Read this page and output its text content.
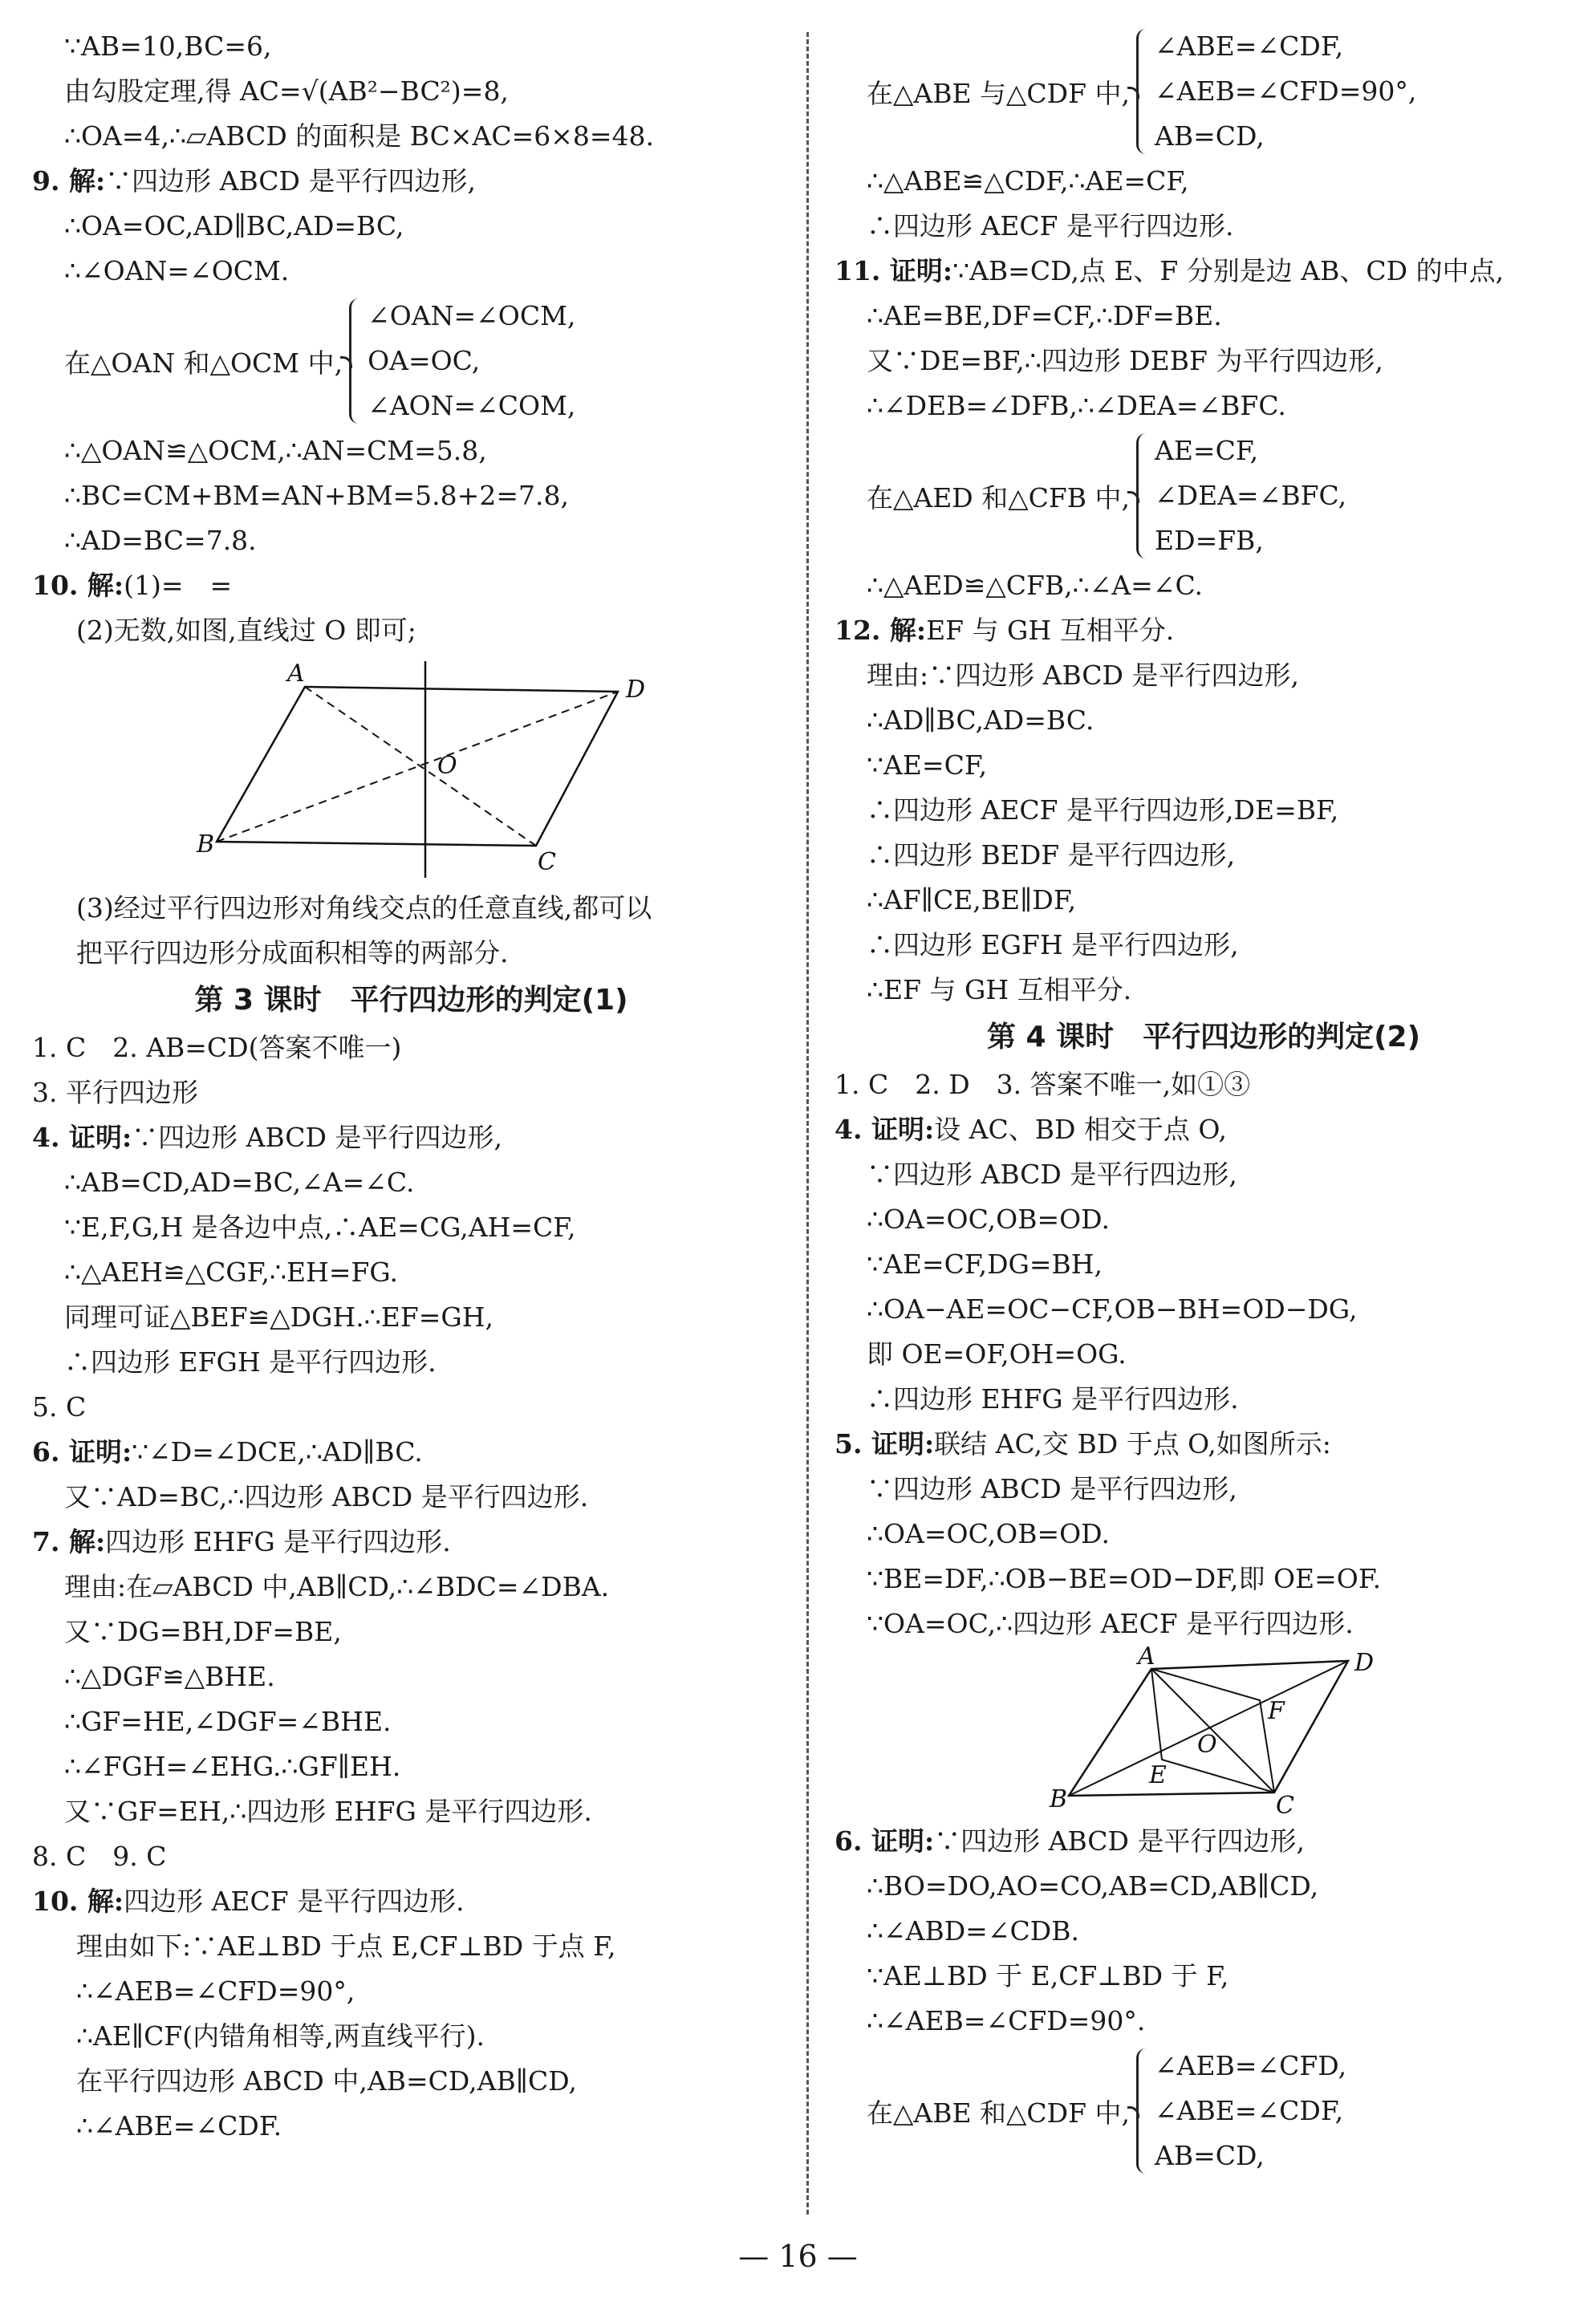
∵AB=10,BC=6,
由勾股定理,得 AC=√(AB²−BC²)=8,
∴OA=4,∴▱ABCD 的面积是 BC×AC=6×8=48.
9. 解:∵四边形 ABCD 是平行四边形,
∴OA=OC,AD∥BC,AD=BC,
∴∠OAN=∠OCM.
在△OAN 和△OCM 中,
∠OAN=∠OCM,
OA=OC,
∠AON=∠COM,
∴△OAN≌△OCM,∴AN=CM=5.8,
∴BC=CM+BM=AN+BM=5.8+2=7.8,
∴AD=BC=7.8.
10. 解:(1)=　=
(2)无数,如图,直线过 O 即可;
A
D
B
C
O
(3)经过平行四边形对角线交点的任意直线,都可以
把平行四边形分成面积相等的两部分.
第 3 课时　平行四边形的判定(1)
1. C　2. AB=CD(答案不唯一)
3. 平行四边形
4. 证明:∵四边形 ABCD 是平行四边形,
∴AB=CD,AD=BC,∠A=∠C.
∵E,F,G,H 是各边中点,∴AE=CG,AH=CF,
∴△AEH≌△CGF,∴EH=FG.
同理可证△BEF≌△DGH.∴EF=GH,
∴四边形 EFGH 是平行四边形.
5. C
6. 证明:∵∠D=∠DCE,∴AD∥BC.
又∵AD=BC,∴四边形 ABCD 是平行四边形.
7. 解:四边形 EHFG 是平行四边形.
理由:在▱ABCD 中,AB∥CD,∴∠BDC=∠DBA.
又∵DG=BH,DF=BE,
∴△DGF≌△BHE.
∴GF=HE,∠DGF=∠BHE.
∴∠FGH=∠EHG.∴GF∥EH.
又∵GF=EH,∴四边形 EHFG 是平行四边形.
8. C　9. C
10. 解:四边形 AECF 是平行四边形.
理由如下:∵AE⊥BD 于点 E,CF⊥BD 于点 F,
∴∠AEB=∠CFD=90°,
∴AE∥CF(内错角相等,两直线平行).
在平行四边形 ABCD 中,AB=CD,AB∥CD,
∴∠ABE=∠CDF.
在△ABE 与△CDF 中,
∠ABE=∠CDF,
∠AEB=∠CFD=90°,
AB=CD,
∴△ABE≌△CDF,∴AE=CF,
∴四边形 AECF 是平行四边形.
11. 证明:∵AB=CD,点 E、F 分别是边 AB、CD 的中点,
∴AE=BE,DF=CF,∴DF=BE.
又∵DE=BF,∴四边形 DEBF 为平行四边形,
∴∠DEB=∠DFB,∴∠DEA=∠BFC.
在△AED 和△CFB 中,
AE=CF,
∠DEA=∠BFC,
ED=FB,
∴△AED≌△CFB,∴∠A=∠C.
12. 解:EF 与 GH 互相平分.
理由:∵四边形 ABCD 是平行四边形,
∴AD∥BC,AD=BC.
∵AE=CF,
∴四边形 AECF 是平行四边形,DE=BF,
∴四边形 BEDF 是平行四边形,
∴AF∥CE,BE∥DF,
∴四边形 EGFH 是平行四边形,
∴EF 与 GH 互相平分.
第 4 课时　平行四边形的判定(2)
1. C　2. D　3. 答案不唯一,如①③
4. 证明:设 AC、BD 相交于点 O,
∵四边形 ABCD 是平行四边形,
∴OA=OC,OB=OD.
∵AE=CF,DG=BH,
∴OA−AE=OC−CF,OB−BH=OD−DG,
即 OE=OF,OH=OG.
∴四边形 EHFG 是平行四边形.
5. 证明:联结 AC,交 BD 于点 O,如图所示:
∵四边形 ABCD 是平行四边形,
∴OA=OC,OB=OD.
∵BE=DF,∴OB−BE=OD−DF,即 OE=OF.
∵OA=OC,∴四边形 AECF 是平行四边形.
A	D
B	C
E
F
O
6. 证明:∵四边形 ABCD 是平行四边形,
∴BO=DO,AO=CO,AB=CD,AB∥CD,
∴∠ABD=∠CDB.
∵AE⊥BD 于 E,CF⊥BD 于 F,
∴∠AEB=∠CFD=90°.
在△ABE 和△CDF 中,
∠AEB=∠CFD,
∠ABE=∠CDF,
AB=CD,
— 16 —
